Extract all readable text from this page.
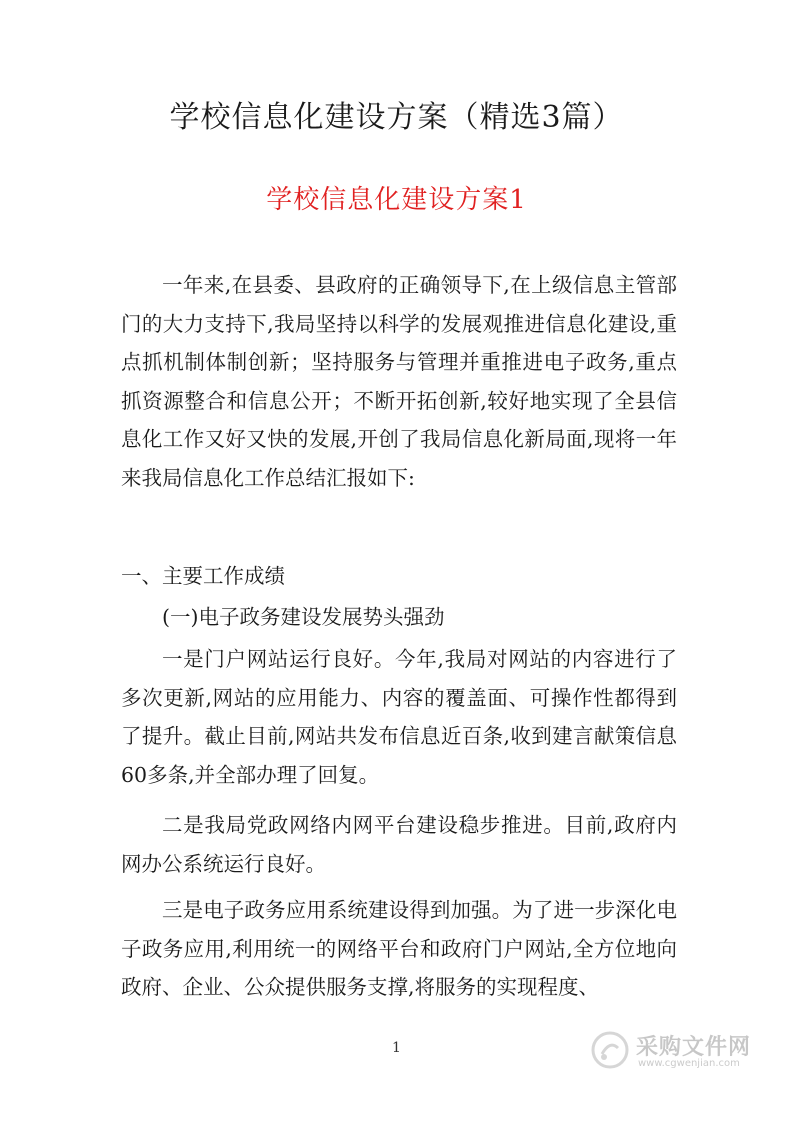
学校信息化建设方案（精选3篇）
学校信息化建设方案1

一年来,在县委、县政府的正确领导下,在上级信息主管部门的大力支持下,我局坚持以科学的发展观推进信息化建设,重点抓机制体制创新；坚持服务与管理并重推进电子政务,重点抓资源整合和信息公开；不断开拓创新,较好地实现了全县信息化工作又好又快的发展,开创了我局信息化新局面,现将一年来我局信息化工作总结汇报如下:

一、主要工作成绩

(一)电子政务建设发展势头强劲

一是门户网站运行良好。今年,我局对网站的内容进行了多次更新,网站的应用能力、内容的覆盖面、可操作性都得到了提升。截止目前,网站共发布信息近百条,收到建言献策信息60多条,并全部办理了回复。

二是我局党政网络内网平台建设稳步推进。目前,政府内网办公系统运行良好。

三是电子政务应用系统建设得到加强。为了进一步深化电子政务应用,利用统一的网络平台和政府门户网站,全方位地向政府、企业、公众提供服务支撑,将服务的实现程度、

1	采购文件网
www.cgwenjian.com
